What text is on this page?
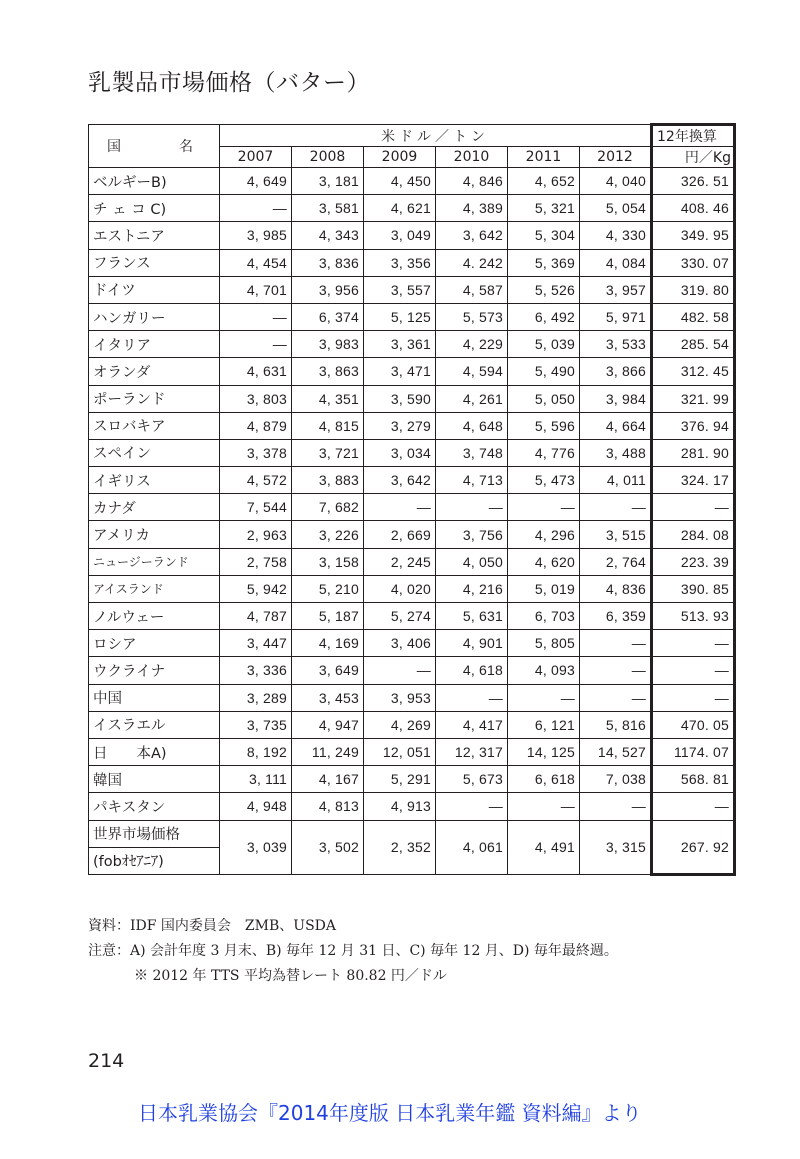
乳製品市場価格（バター）
国　名	米ドル／トン						12年換算
	2007	2008	2009	2010	2011	2012	円／Kg
ベルギーB)	4, 649	3, 181	4, 450	4, 846	4, 652	4, 040	326. 51
チ ェ コ C)	—	3, 581	4, 621	4, 389	5, 321	5, 054	408. 46
エストニア	3, 985	4, 343	3, 049	3, 642	5, 304	4, 330	349. 95
フランス	4, 454	3, 836	3, 356	4. 242	5, 369	4, 084	330. 07
ドイツ	4, 701	3, 956	3, 557	4, 587	5, 526	3, 957	319. 80
ハンガリー	—	6, 374	5, 125	5, 573	6, 492	5, 971	482. 58
イタリア	—	3, 983	3, 361	4, 229	5, 039	3, 533	285. 54
オランダ	4, 631	3, 863	3, 471	4, 594	5, 490	3, 866	312. 45
ポーランド	3, 803	4, 351	3, 590	4, 261	5, 050	3, 984	321. 99
スロバキア	4, 879	4, 815	3, 279	4, 648	5, 596	4, 664	376. 94
スペイン	3, 378	3, 721	3, 034	3, 748	4, 776	3, 488	281. 90
イギリス	4, 572	3, 883	3, 642	4, 713	5, 473	4, 011	324. 17
カナダ	7, 544	7, 682	—	—	—	—	—
アメリカ	2, 963	3, 226	2, 669	3, 756	4, 296	3, 515	284. 08
ニュージーランド	2, 758	3, 158	2, 245	4, 050	4, 620	2, 764	223. 39
アイスランド	5, 942	5, 210	4, 020	4, 216	5, 019	4, 836	390. 85
ノルウェー	4, 787	5, 187	5, 274	5, 631	6, 703	6, 359	513. 93
ロシア	3, 447	4, 169	3, 406	4, 901	5, 805	—	—
ウクライナ	3, 336	3, 649	—	4, 618	4, 093	—	—
中国	3, 289	3, 453	3, 953	—	—	—	—
イスラエル	3, 735	4, 947	4, 269	4, 417	6, 121	5, 816	470. 05
日　　本A)	8, 192	11, 249	12, 051	12, 317	14, 125	14, 527	1174. 07
韓国	3, 111	4, 167	5, 291	5, 673	6, 618	7, 038	568. 81
パキスタン	4, 948	4, 813	4, 913	—	—	—	—
世界市場価格	3, 039	3, 502	2, 352	4, 061	4, 491	3, 315	267. 92
(fobｵｾｱﾆｱ)							
資料：IDF 国内委員会　ZMB、USDA
注意：A) 会計年度 3 月末、B) 毎年 12 月 31 日、C) 毎年 12 月、D) 毎年最終週。
※ 2012 年 TTS 平均為替レート 80.82 円／ドル
214
日本乳業協会『2014年度版 日本乳業年鑑 資料編』より
